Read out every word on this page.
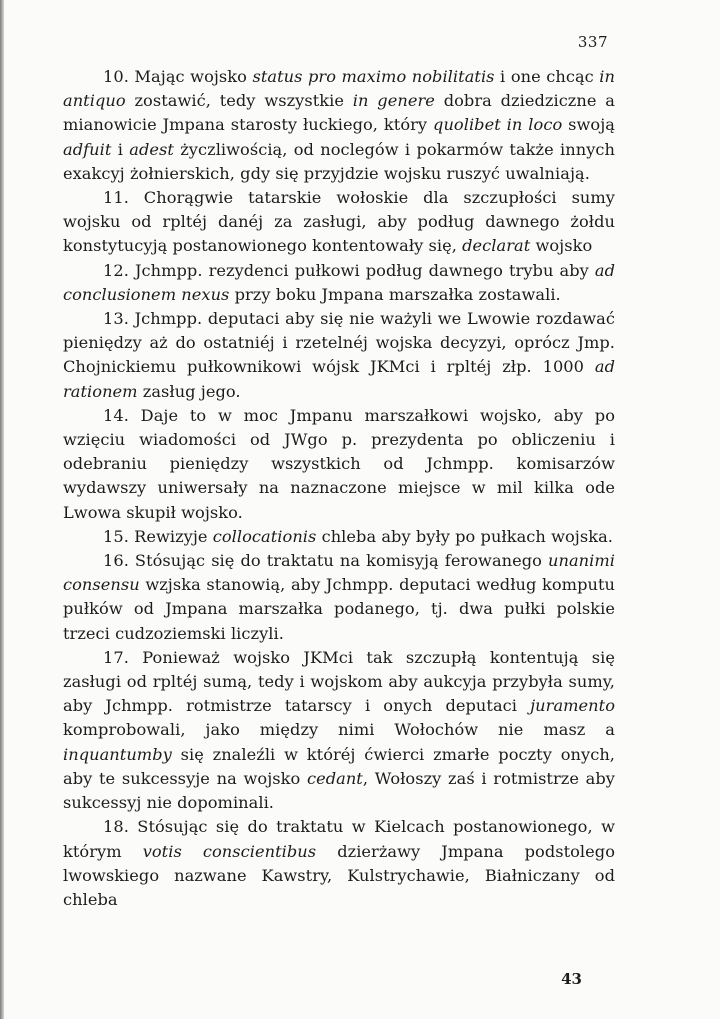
337

10. Mając wojsko status pro maximo nobilitatis i one chcąc in antiquo zostawić, tedy wszystkie in genere dobra dziedziczne a mianowicie Jmpana starosty łuckiego, który quolibet in loco swoją adfuit i adest życzliwością, od noclegów i pokarmów także innych exakcyj żołnierskich, gdy się przyjdzie wojsku ruszyć uwalniają.

11. Chorągwie tatarskie wołoskie dla szczupłości sumy wojsku od rpltéj danéj za zasługi, aby podług dawnego żołdu konstytucyją postanowionego kontentowały się, declarat wojsko

12. Jchmpp. rezydenci pułkowi podług dawnego trybu aby ad conclusionem nexus przy boku Jmpana marszałka zostawali.

13. Jchmpp. deputaci aby się nie ważyli we Lwowie rozdawać pieniędzy aż do ostatniéj i rzetelnéj wojska decyzyi, oprócz Jmp. Chojnickiemu pułkownikowi wójsk JKMci i rpltéj złp. 1000 ad rationem zasług jego.

14. Daje to w moc Jmpanu marszałkowi wojsko, aby po wzięciu wiadomości od JWgo p. prezydenta po obliczeniu i odebraniu pieniędzy wszystkich od Jchmpp. komisarzów wydawszy uniwersały na naznaczone miejsce w mil kilka ode Lwowa skupił wojsko.

15. Rewizyje collocationis chleba aby były po pułkach wojska.

16. Stósując się do traktatu na komisyją ferowanego unanimi consensu wzjska stanowią, aby Jchmpp. deputaci według komputu pułków od Jmpana marszałka podanego, tj. dwa pułki polskie trzeci cudzoziemski liczyli.

17. Ponieważ wojsko JKMci tak szczupłą kontentują się zasługi od rpltéj sumą, tedy i wojskom aby aukcyja przybyła sumy, aby Jchmpp. rotmistrze tatarscy i onych deputaci juramento komprobowali, jako między nimi Wołochów nie masz a inquantumby się znaleźli w któréj ćwierci zmarłe poczty onych, aby te sukcessyje na wojsko cedant, Wołoszy zaś i rotmistrze aby sukcessyj nie dopominali.

18. Stósując się do traktatu w Kielcach postanowionego, w którym votis conscientibus dzierżawy Jmpana podstolego lwowskiego nazwane Kawstry, Kulstrychawie, Białniczany od chleba

43
